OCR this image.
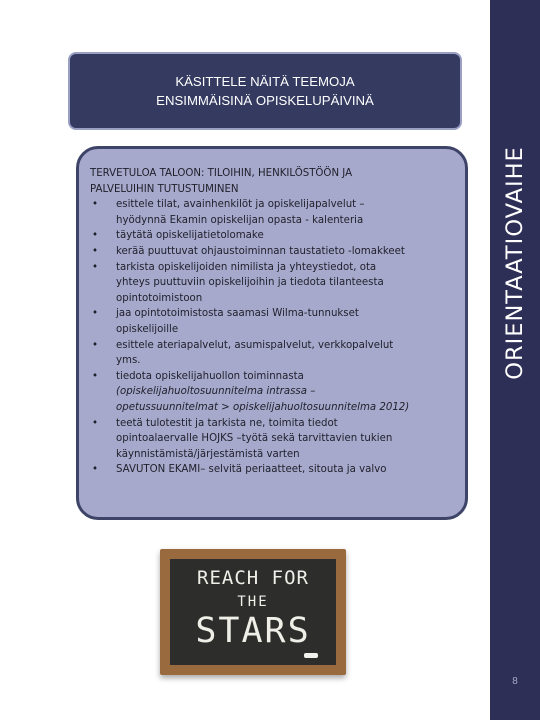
ORIENTAATIOVAIHE
8
KÄSITTELE NÄITÄ TEEMOJA
ENSIMMÄISINÄ OPISKELUPÄIVINÄ
TERVETULOA TALOON: TILOIHIN, HENKILÖSTÖÖN JA
PALVELUIHIN TUTUSTUMINEN
• esittele tilat, avainhenkilöt ja opiskelijapalvelut –
hyödynnä Ekamin opiskelijan opasta - kalenteria
• täytätä opiskelijatietolomake
• kerää puuttuvat ohjaustoiminnan taustatieto -lomakkeet
• tarkista opiskelijoiden nimilista ja yhteystiedot, ota
yhteys puuttuviin opiskelijoihin ja tiedota tilanteesta
opintotoimistoon
• jaa opintotoimistosta saamasi Wilma-tunnukset
opiskelijoille
• esittele ateriapalvelut, asumispalvelut, verkkopalvelut
yms.
• tiedota opiskelijahuollon toiminnasta
(opiskelijahuoltosuunnitelma intrassa –
opetussuunnitelmat > opiskelijahuoltosuunnitelma 2012)
• teetä tulotestit ja tarkista ne, toimita tiedot
opintoalaervalle HOJKS –työtä sekä tarvittavien tukien
käynnistämistä/järjestämistä varten
• SAVUTON EKAMI– selvitä periaatteet, sitouta ja valvo
REACH FOR
THE
STARS
